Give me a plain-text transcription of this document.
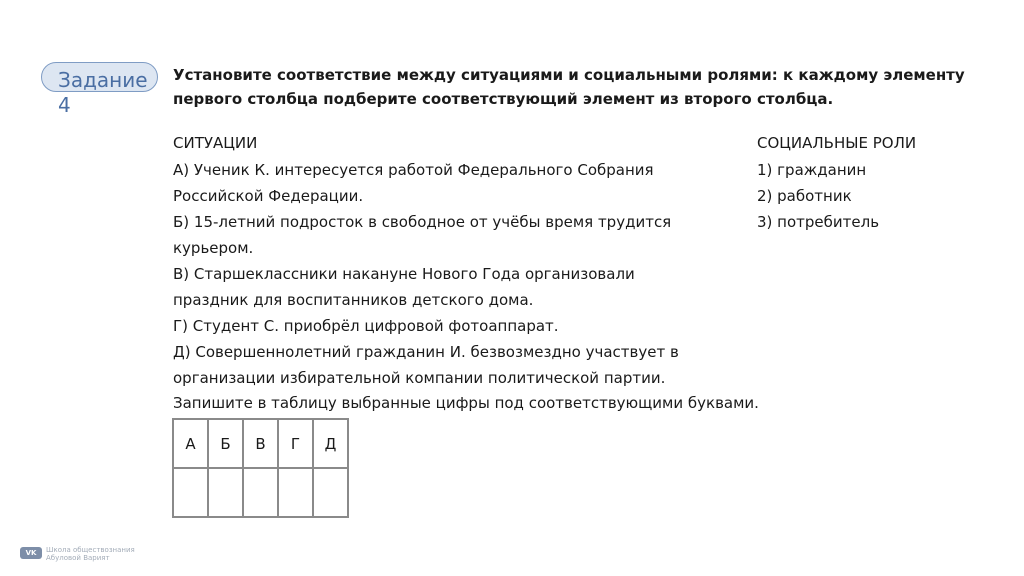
Задание 4
Установите соответствие между ситуациями и социальными ролями: к каждому элементу первого столбца подберите соответствующий элемент из второго столбца.
СИТУАЦИИ

А) Ученик К. интересуется работой Федерального Собрания Российской Федерации.

Б) 15-летний подросток в свободное от учёбы время трудится курьером.

В) Старшеклассники накануне Нового Года организовали праздник для воспитанников детского дома.

Г) Студент С. приобрёл цифровой фотоаппарат.

Д) Совершеннолетний гражданин И. безвозмездно участвует в организации избирательной компании политической партии.

СОЦИАЛЬНЫЕ РОЛИ

1) гражданин

2) работник

3) потребитель

Запишите в таблицу выбранные цифры под соответствующими буквами.
А	Б	В	Г	Д

VK	Школа обществознания
Абуловой Варият
